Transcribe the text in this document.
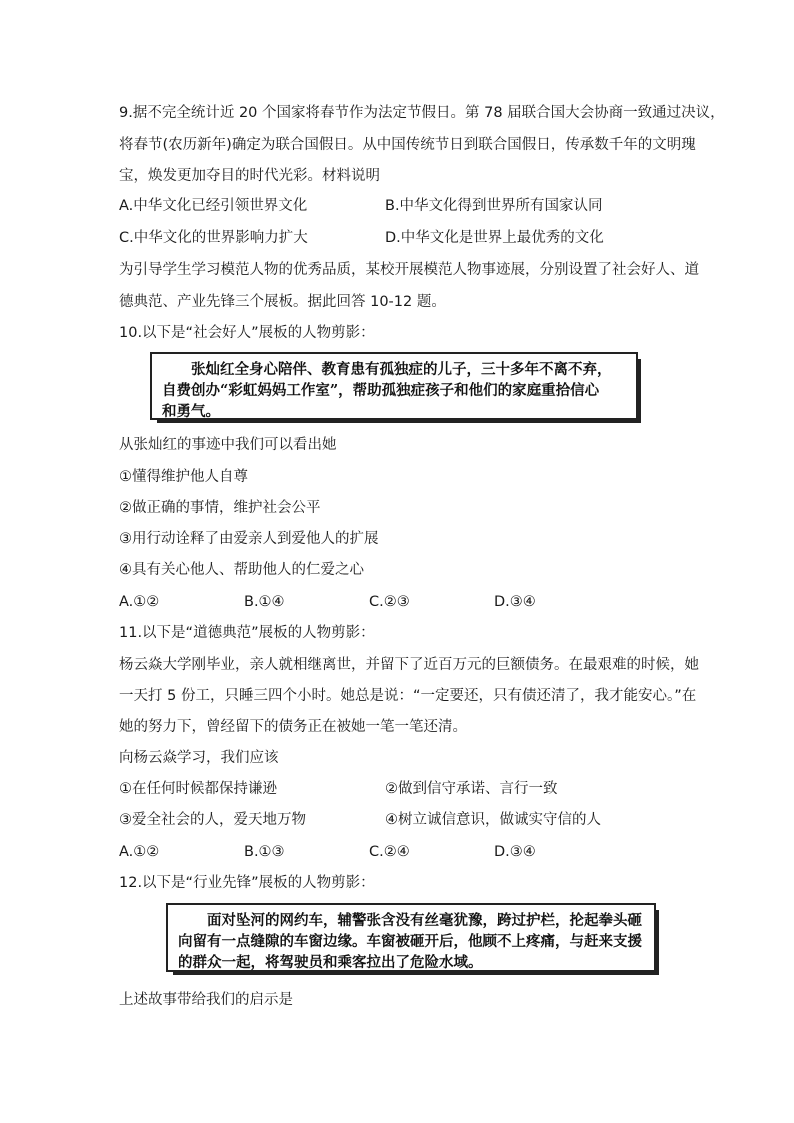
9.据不完全统计近 20 个国家将春节作为法定节假日。第 78 届联合国大会协商一致通过决议，
将春节(农历新年)确定为联合国假日。从中国传统节日到联合国假日，传承数千年的文明瑰
宝，焕发更加夺目的时代光彩。材料说明
A.中华文化已经引领世界文化	B.中华文化得到世界所有国家认同
C.中华文化的世界影响力扩大	D.中华文化是世界上最优秀的文化
为引导学生学习模范人物的优秀品质，某校开展模范人物事迹展，分别设置了社会好人、道
德典范、产业先锋三个展板。据此回答 10-12 题。
10.以下是“社会好人”展板的人物剪影：
张灿红全身心陪伴、教育患有孤独症的儿子，三十多年不离不弃，
自费创办“彩虹妈妈工作室”，帮助孤独症孩子和他们的家庭重拾信心
和勇气。
从张灿红的事迹中我们可以看出她
①懂得维护他人自尊
②做正确的事情，维护社会公平
③用行动诠释了由爱亲人到爱他人的扩展
④具有关心他人、帮助他人的仁爱之心
A.①②	B.①④	C.②③	D.③④
11.以下是“道德典范”展板的人物剪影：
杨云焱大学刚毕业，亲人就相继离世，并留下了近百万元的巨额债务。在最艰难的时候，她
一天打 5 份工，只睡三四个小时。她总是说：“一定要还，只有债还清了，我才能安心。”在
她的努力下，曾经留下的债务正在被她一笔一笔还清。
向杨云焱学习，我们应该
①在任何时候都保持谦逊	②做到信守承诺、言行一致
③爱全社会的人，爱天地万物	④树立诚信意识，做诚实守信的人
A.①②	B.①③	C.②④	D.③④
12.以下是“行业先锋”展板的人物剪影：
面对坠河的网约车，辅警张含没有丝毫犹豫，跨过护栏，抡起拳头砸
向留有一点缝隙的车窗边缘。车窗被砸开后，他顾不上疼痛，与赶来支援
的群众一起，将驾驶员和乘客拉出了危险水域。
上述故事带给我们的启示是
